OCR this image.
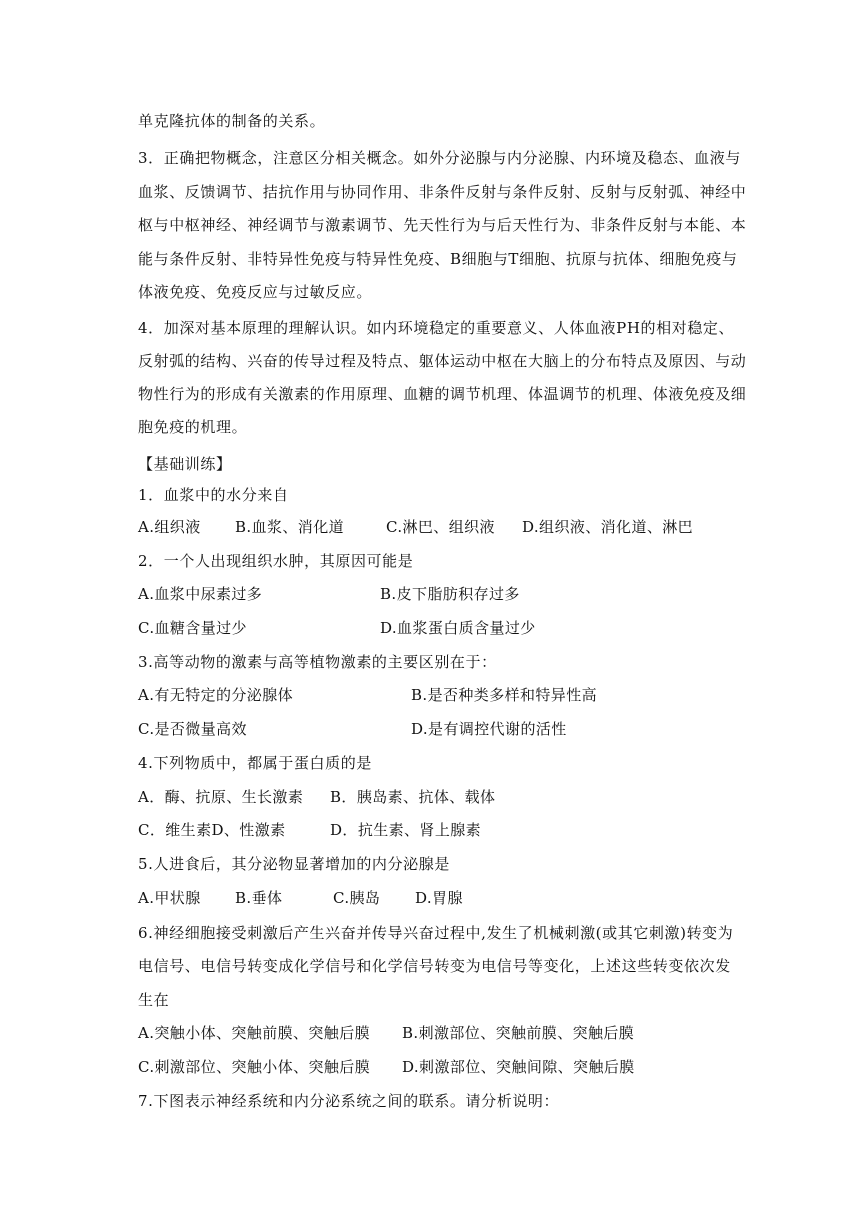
单克隆抗体的制备的关系。
3．正确把物概念，注意区分相关概念。如外分泌腺与内分泌腺、内环境及稳态、血液与
血浆、反馈调节、拮抗作用与协同作用、非条件反射与条件反射、反射与反射弧、神经中
枢与中枢神经、神经调节与激素调节、先天性行为与后天性行为、非条件反射与本能、本
能与条件反射、非特异性免疫与特异性免疫、B细胞与T细胞、抗原与抗体、细胞免疫与
体液免疫、免疫反应与过敏反应。
4．加深对基本原理的理解认识。如内环境稳定的重要意义、人体血液PH的相对稳定、
反射弧的结构、兴奋的传导过程及特点、躯体运动中枢在大脑上的分布特点及原因、与动
物性行为的形成有关激素的作用原理、血糖的调节机理、体温调节的机理、体液免疫及细
胞免疫的机理。
【基础训练】
1．血浆中的水分来自
A.组织液 B.血浆、消化道	C.淋巴、组织液 D.组织液、消化道、淋巴
2．一个人出现组织水肿，其原因可能是
A.血浆中尿素过多	B.皮下脂肪积存过多
C.血糖含量过少	D.血浆蛋白质含量过少
3.高等动物的激素与高等植物激素的主要区别在于：
A.有无特定的分泌腺体	B.是否种类多样和特异性高
C.是否微量高效	D.是有调控代谢的活性
4.下列物质中，都属于蛋白质的是
A．酶、抗原、生长激素 B．胰岛素、抗体、载体
C．维生素D、性激素	D．抗生素、肾上腺素
5.人进食后，其分泌物显著增加的内分泌腺是
A.甲状腺 B.垂体	C.胰岛 D.胃腺
6.神经细胞接受刺激后产生兴奋并传导兴奋过程中,发生了机械刺激(或其它刺激)转变为
电信号、电信号转变成化学信号和化学信号转变为电信号等变化，上述这些转变依次发
生在
A.突触小体、突触前膜、突触后膜 B.刺激部位、突触前膜、突触后膜
C.刺激部位、突触小体、突触后膜 D.刺激部位、突触间隙、突触后膜
7.下图表示神经系统和内分泌系统之间的联系。请分析说明：
